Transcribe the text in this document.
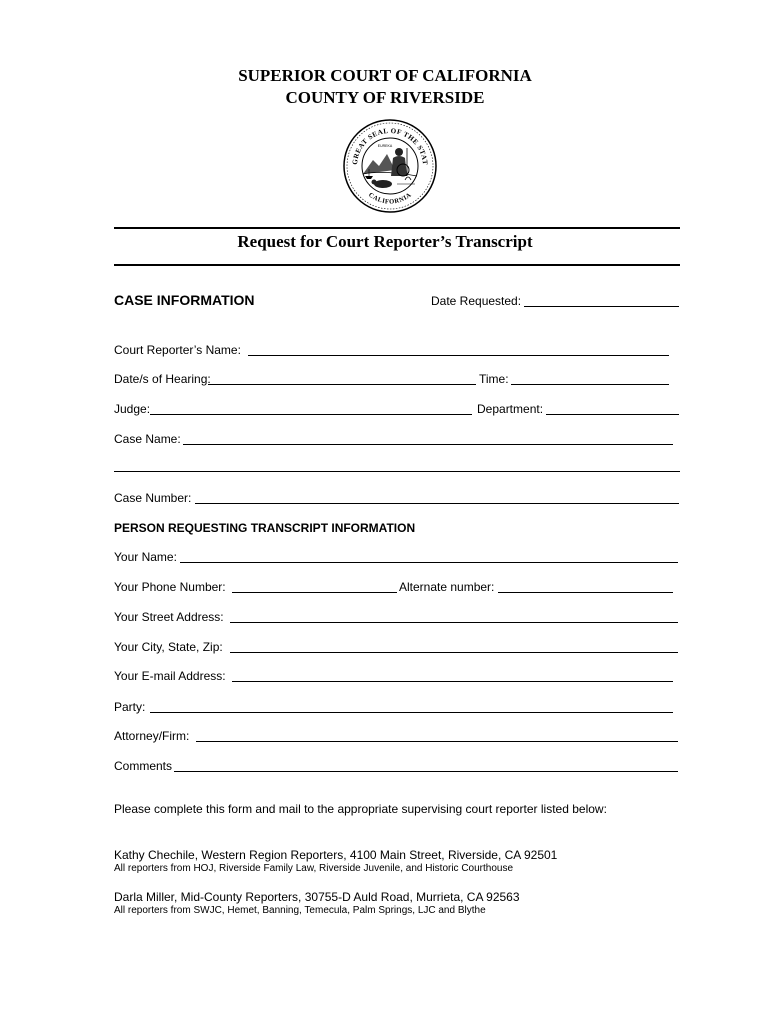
SUPERIOR COURT OF CALIFORNIA
COUNTY OF RIVERSIDE
GREAT SEAL OF THE STAT
CALIFORNIA
EUREKA
Request for Court Reporter’s Transcript
CASE INFORMATION	Date Requested:
Court Reporter’s Name:
Date/s of Hearing:	Time:
Judge:	Department:
Case Name:
Case Number:
PERSON REQUESTING TRANSCRIPT INFORMATION
Your Name:
Your Phone Number:	Alternate number:
Your Street Address:
Your City, State, Zip:
Your E-mail Address:
Party:
Attorney/Firm:
Comments
Please complete this form and mail to the appropriate supervising court reporter listed below:
Kathy Chechile, Western Region Reporters, 4100 Main Street, Riverside, CA 92501
All reporters from HOJ, Riverside Family Law, Riverside Juvenile, and Historic Courthouse
Darla Miller, Mid-County Reporters, 30755-D Auld Road, Murrieta, CA 92563
All reporters from SWJC, Hemet, Banning, Temecula, Palm Springs, LJC and Blythe
